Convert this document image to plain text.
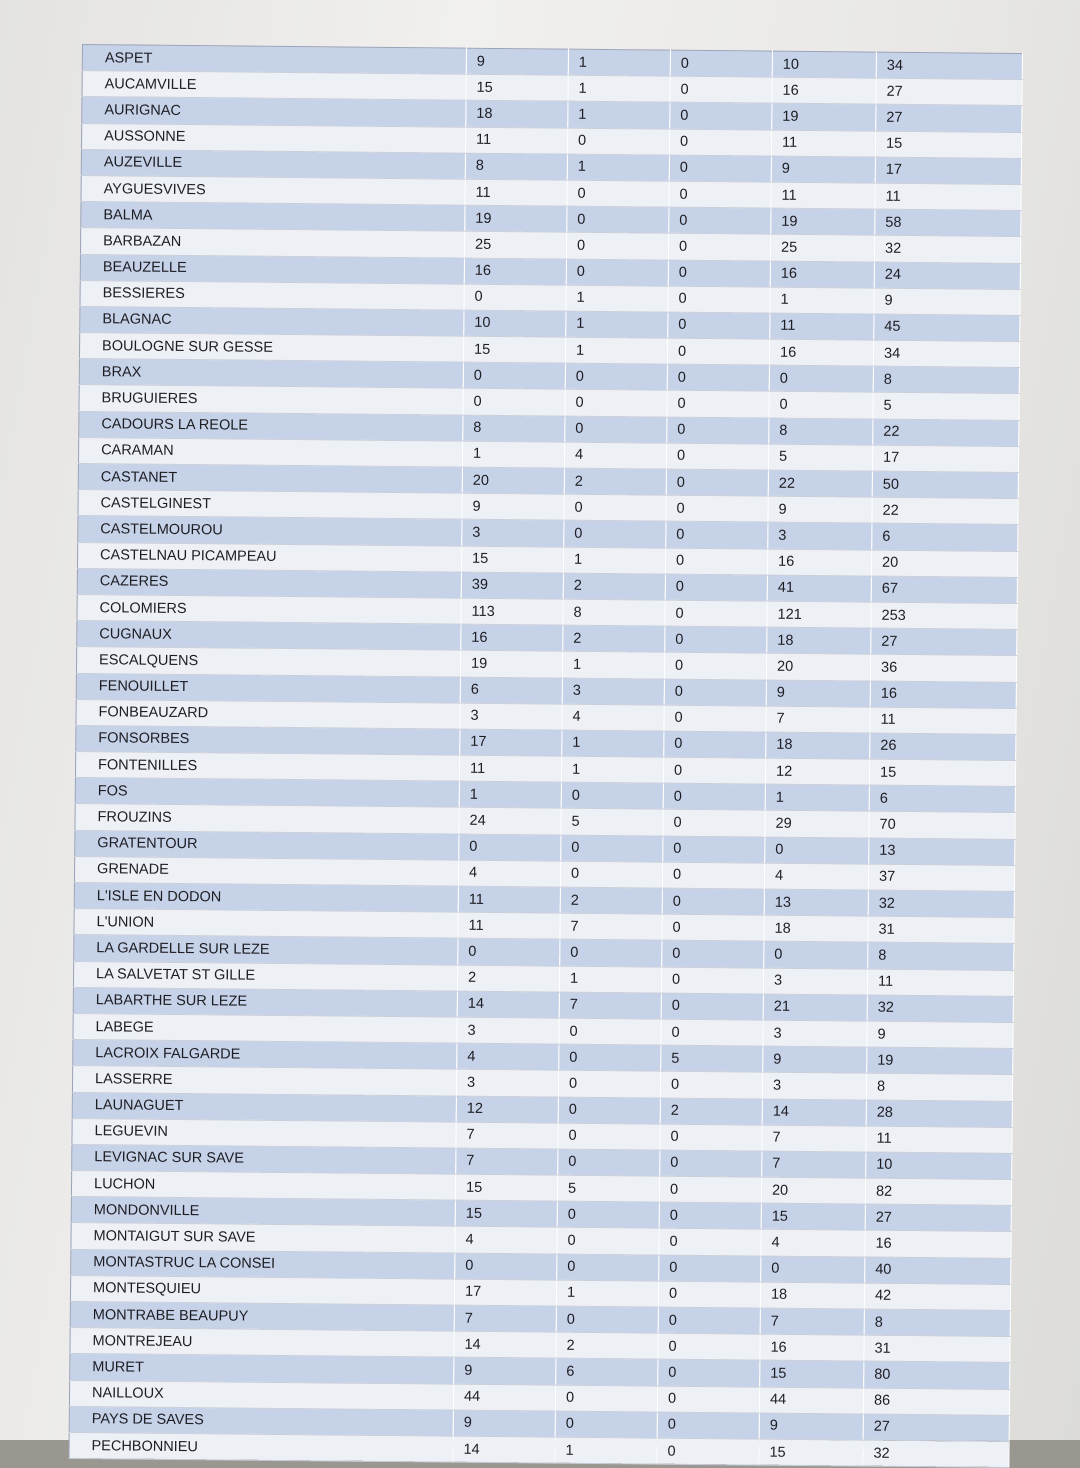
ASPET	9	1	0	10	34
AUCAMVILLE	15	1	0	16	27
AURIGNAC	18	1	0	19	27
AUSSONNE	11	0	0	11	15
AUZEVILLE	8	1	0	9	17
AYGUESVIVES	11	0	0	11	11
BALMA	19	0	0	19	58
BARBAZAN	25	0	0	25	32
BEAUZELLE	16	0	0	16	24
BESSIERES	0	1	0	1	9
BLAGNAC	10	1	0	11	45
BOULOGNE SUR GESSE	15	1	0	16	34
BRAX	0	0	0	0	8
BRUGUIERES	0	0	0	0	5
CADOURS LA REOLE	8	0	0	8	22
CARAMAN	1	4	0	5	17
CASTANET	20	2	0	22	50
CASTELGINEST	9	0	0	9	22
CASTELMOUROU	3	0	0	3	6
CASTELNAU PICAMPEAU	15	1	0	16	20
CAZERES	39	2	0	41	67
COLOMIERS	113	8	0	121	253
CUGNAUX	16	2	0	18	27
ESCALQUENS	19	1	0	20	36
FENOUILLET	6	3	0	9	16
FONBEAUZARD	3	4	0	7	11
FONSORBES	17	1	0	18	26
FONTENILLES	11	1	0	12	15
FOS	1	0	0	1	6
FROUZINS	24	5	0	29	70
GRATENTOUR	0	0	0	0	13
GRENADE	4	0	0	4	37
L'ISLE EN DODON	11	2	0	13	32
L'UNION	11	7	0	18	31
LA GARDELLE SUR LEZE	0	0	0	0	8
LA SALVETAT ST GILLE	2	1	0	3	11
LABARTHE SUR LEZE	14	7	0	21	32
LABEGE	3	0	0	3	9
LACROIX FALGARDE	4	0	5	9	19
LASSERRE	3	0	0	3	8
LAUNAGUET	12	0	2	14	28
LEGUEVIN	7	0	0	7	11
LEVIGNAC SUR SAVE	7	0	0	7	10
LUCHON	15	5	0	20	82
MONDONVILLE	15	0	0	15	27
MONTAIGUT SUR SAVE	4	0	0	4	16
MONTASTRUC LA CONSEI	0	0	0	0	40
MONTESQUIEU	17	1	0	18	42
MONTRABE BEAUPUY	7	0	0	7	8
MONTREJEAU	14	2	0	16	31
MURET	9	6	0	15	80
NAILLOUX	44	0	0	44	86
PAYS DE SAVES	9	0	0	9	27
PECHBONNIEU	14	1	0	15	32
